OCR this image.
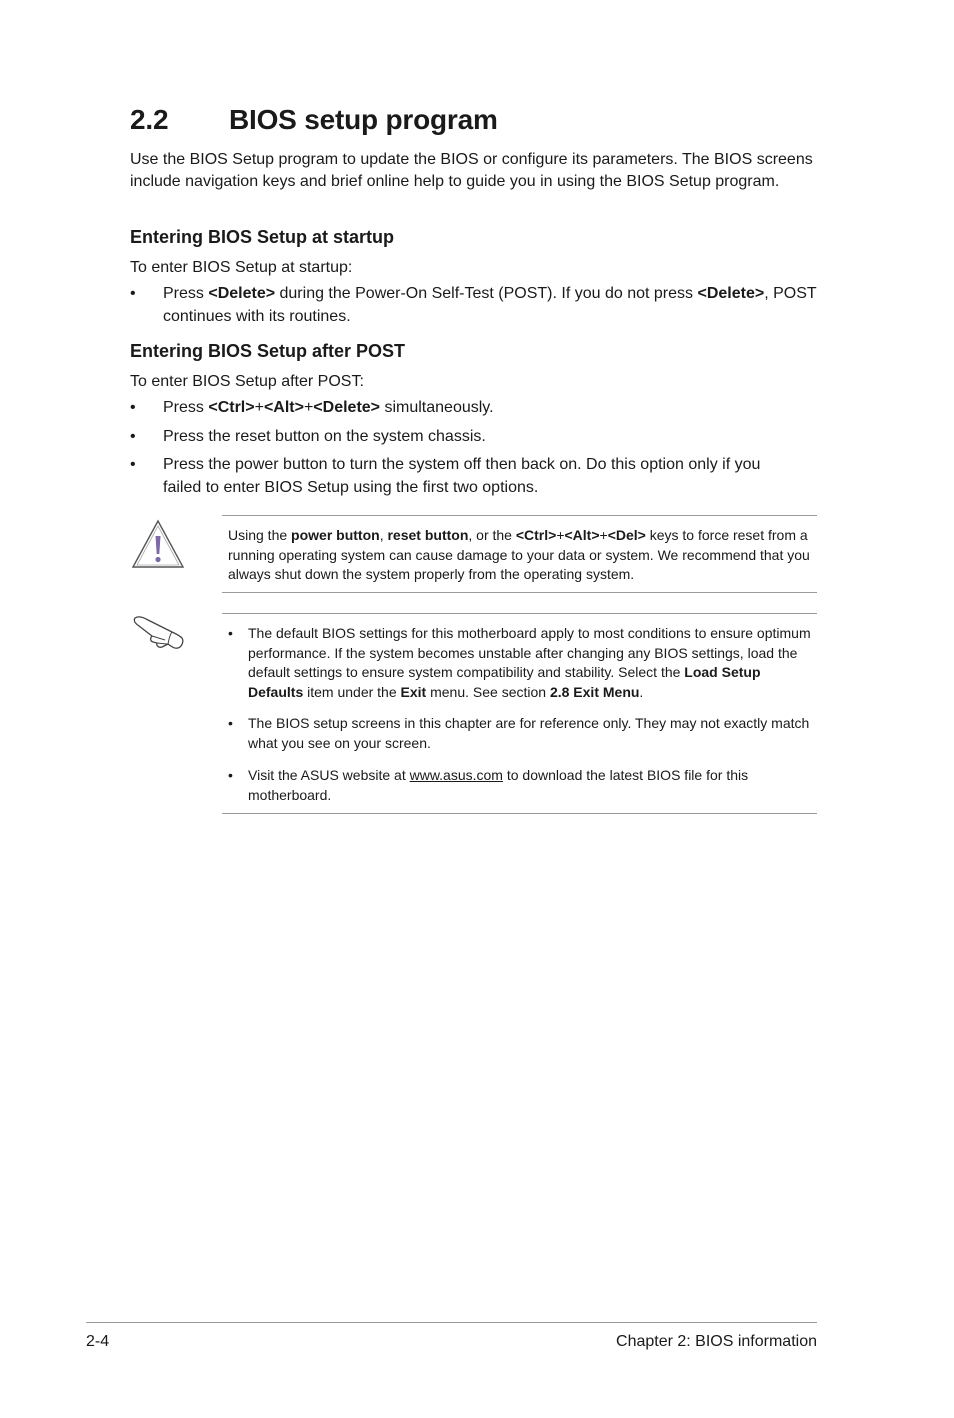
2.2 BIOS setup program
Use the BIOS Setup program to update the BIOS or configure its parameters. The BIOS screens include navigation keys and brief online help to guide you in using the BIOS Setup program.
Entering BIOS Setup at startup
To enter BIOS Setup at startup:
• Press <Delete> during the Power-On Self-Test (POST). If you do not press <Delete>, POST continues with its routines.
Entering BIOS Setup after POST
To enter BIOS Setup after POST:
• Press <Ctrl>+<Alt>+<Delete> simultaneously.
• Press the reset button on the system chassis.
• Press the power button to turn the system off then back on. Do this option only if you failed to enter BIOS Setup using the first two options.
Using the power button, reset button, or the <Ctrl>+<Alt>+<Del> keys to force reset from a running operating system can cause damage to your data or system. We recommend that you always shut down the system properly from the operating system.
• The default BIOS settings for this motherboard apply to most conditions to ensure optimum performance. If the system becomes unstable after changing any BIOS settings, load the default settings to ensure system compatibility and stability. Select the Load Setup Defaults item under the Exit menu. See section 2.8 Exit Menu.
• The BIOS setup screens in this chapter are for reference only. They may not exactly match what you see on your screen.
• Visit the ASUS website at www.asus.com to download the latest BIOS file for this motherboard.
2-4	Chapter 2: BIOS information
